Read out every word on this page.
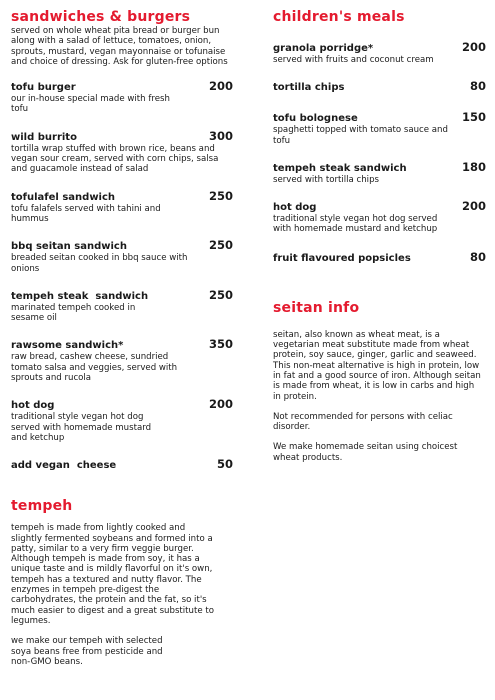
sandwiches & burgers

served on whole wheat pita bread or burger bun along with a salad of lettuce, tomatoes, onion, sprouts, mustard, vegan mayonnaise or tofunaise and choice of dressing. Ask for gluten-free options

tofu burger	200
our in-house special made with fresh tofu
wild burrito	300
tortilla wrap stuffed with brown rice, beans and vegan sour cream, served with corn chips, salsa and guacamole instead of salad
tofulafel sandwich	250
tofu falafels served with tahini and hummus
bbq seitan sandwich	250
breaded seitan cooked in bbq sauce with onions
tempeh steak  sandwich	250
marinated tempeh cooked in sesame oil
rawsome sandwich*	350
raw bread, cashew cheese, sundried tomato salsa and veggies, served with sprouts and rucola
hot dog	200
traditional style vegan hot dog served with homemade mustard and ketchup
add vegan  cheese	50
tempeh

tempeh is made from lightly cooked and slightly fermented soybeans and formed into a patty, similar to a very firm veggie burger. Although tempeh is made from soy, it has a unique taste and is mildly flavorful on it's own, tempeh has a textured and nutty flavor. The enzymes in tempeh pre-digest the carbohydrates, the protein and the fat, so it's much easier to digest and a great substitute to legumes.

we make our tempeh with selected soya beans free from pesticide and non-GMO beans.

children's meals
granola porridge*	200
served with fruits and coconut cream
tortilla chips	80
tofu bolognese	150
spaghetti topped with tomato sauce and tofu
tempeh steak sandwich	180
served with tortilla chips
hot dog	200
traditional style vegan hot dog served with homemade mustard and ketchup
fruit flavoured popsicles	80
seitan info

seitan, also known as wheat meat, is a vegetarian meat substitute made from wheat protein, soy sauce, ginger, garlic and seaweed. This non-meat alternative is high in protein, low in fat and a good source of iron. Although seitan is made from wheat, it is low in carbs and high in protein.

Not recommended for persons with celiac disorder.

We make homemade seitan using choicest wheat products.
